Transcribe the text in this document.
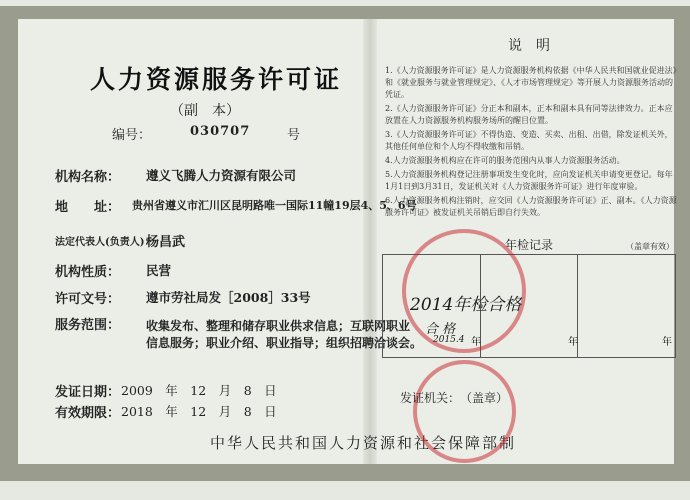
人力资源服务许可证
（副　本）
编号：	030707	号
机构名称： 遵义飞腾人力资源有限公司
地　　址： 贵州省遵义市汇川区昆明路唯一国际11幢19层4、5、6号
法定代表人(负责人)：
杨昌武
机构性质： 民营
许可文号： 遵市劳社局发［2008］33号
服务范围： 收集发布、整理和储存职业供求信息；互联网职业
信息服务；职业介绍、职业指导；组织招聘洽谈会。
发证日期： 2009　年　12　月　8　日
有效期限： 2018　年　12　月　8　日
中华人民共和国人力资源和社会保障部制
说　明
1.《人力资源服务许可证》是人力资源服务机构依据《中华人民共和国就业促进法》和《就业服务与就业管理规定》、《人才市场管理规定》等开展人力资源服务活动的凭证。
2.《人力资源服务许可证》分正本和副本，正本和副本具有同等法律效力。正本应放置在人力资源服务机构服务场所的醒目位置。
3.《人力资源服务许可证》不得伪造、变造、买卖、出租、出借，除发证机关外，其他任何单位和个人均不得收缴和吊销。
4.人力资源服务机构应在许可的服务范围内从事人力资源服务活动。
5.人力资源服务机构登记注册事项发生变化时，应向发证机关申请变更登记。每年1月1日到3月31日，发证机关对《人力资源服务许可证》进行年度审验。
6.人力资源服务机构注销时，应交回《人力资源服务许可证》正、副本。《人力资源服务许可证》被发证机关吊销后即自行失效。
年检记录	（盖章有效）
年	年	年
2014年检合格
合 格
2015.4
发证机关：　（盖章）
